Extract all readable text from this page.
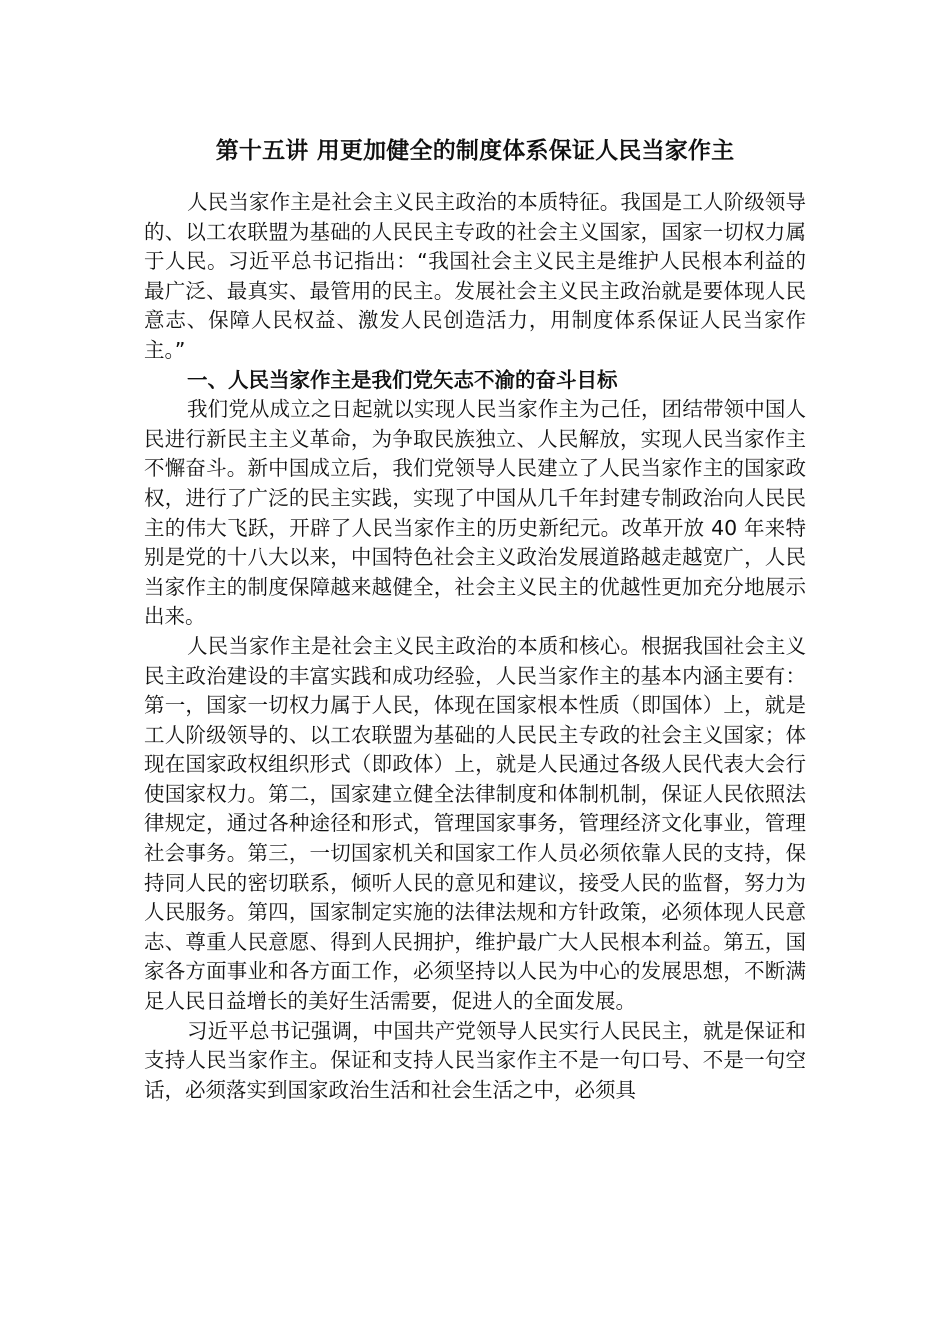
第十五讲 用更加健全的制度体系保证人民当家作主

人民当家作主是社会主义民主政治的本质特征。我国是工人阶级领导的、以工农联盟为基础的人民民主专政的社会主义国家，国家一切权力属于人民。习近平总书记指出：“我国社会主义民主是维护人民根本利益的最广泛、最真实、最管用的民主。发展社会主义民主政治就是要体现人民意志、保障人民权益、激发人民创造活力，用制度体系保证人民当家作主。”

一、人民当家作主是我们党矢志不渝的奋斗目标

我们党从成立之日起就以实现人民当家作主为己任，团结带领中国人民进行新民主主义革命，为争取民族独立、人民解放，实现人民当家作主不懈奋斗。新中国成立后，我们党领导人民建立了人民当家作主的国家政权，进行了广泛的民主实践，实现了中国从几千年封建专制政治向人民民主的伟大飞跃，开辟了人民当家作主的历史新纪元。改革开放 40 年来特别是党的十八大以来，中国特色社会主义政治发展道路越走越宽广，人民当家作主的制度保障越来越健全，社会主义民主的优越性更加充分地展示出来。

人民当家作主是社会主义民主政治的本质和核心。根据我国社会主义民主政治建设的丰富实践和成功经验，人民当家作主的基本内涵主要有：第一，国家一切权力属于人民，体现在国家根本性质（即国体）上，就是工人阶级领导的、以工农联盟为基础的人民民主专政的社会主义国家；体现在国家政权组织形式（即政体）上，就是人民通过各级人民代表大会行使国家权力。第二，国家建立健全法律制度和体制机制，保证人民依照法律规定，通过各种途径和形式，管理国家事务，管理经济文化事业，管理社会事务。第三，一切国家机关和国家工作人员必须依靠人民的支持，保持同人民的密切联系，倾听人民的意见和建议，接受人民的监督，努力为人民服务。第四，国家制定实施的法律法规和方针政策，必须体现人民意志、尊重人民意愿、得到人民拥护，维护最广大人民根本利益。第五，国家各方面事业和各方面工作，必须坚持以人民为中心的发展思想，不断满足人民日益增长的美好生活需要，促进人的全面发展。

习近平总书记强调，中国共产党领导人民实行人民民主，就是保证和支持人民当家作主。保证和支持人民当家作主不是一句口号、不是一句空话，必须落实到国家政治生活和社会生活之中，必须具
